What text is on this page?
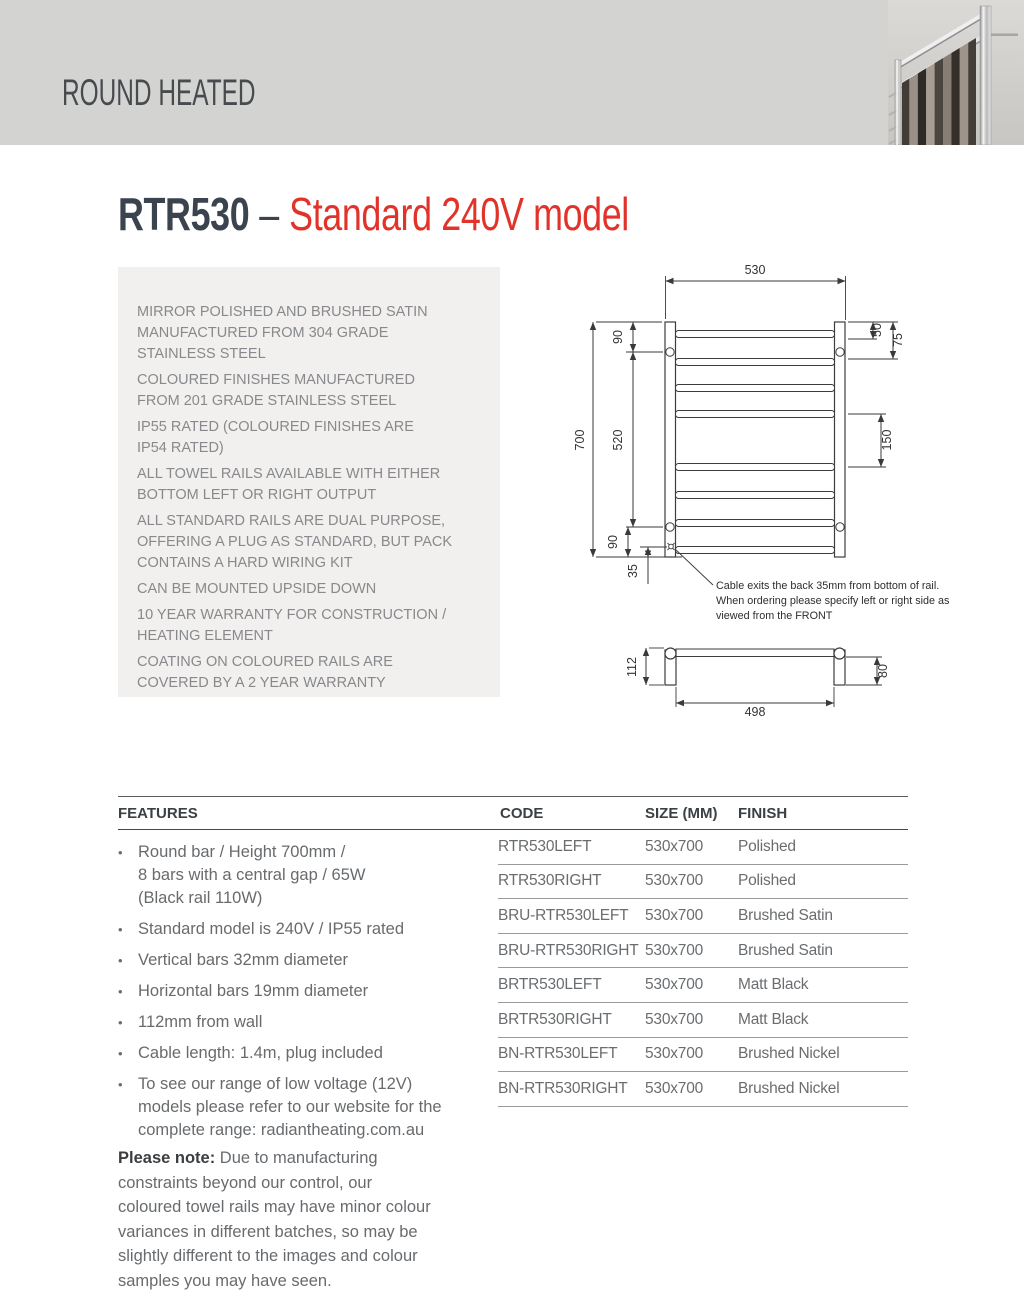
ROUND HEATED
RTR530 – Standard 240V model

MIRROR POLISHED AND BRUSHED SATIN
MANUFACTURED FROM 304 GRADE
STAINLESS STEEL

COLOURED FINISHES MANUFACTURED
FROM 201 GRADE STAINLESS STEEL

IP55 RATED (COLOURED FINISHES ARE
IP54 RATED)

ALL TOWEL RAILS AVAILABLE WITH EITHER
BOTTOM LEFT OR RIGHT OUTPUT

ALL STANDARD RAILS ARE DUAL PURPOSE,
OFFERING A PLUG AS STANDARD, BUT PACK
CONTAINS A HARD WIRING KIT

CAN BE MOUNTED UPSIDE DOWN

10 YEAR WARRANTY FOR CONSTRUCTION /
HEATING ELEMENT

COATING ON COLOURED RAILS ARE
COVERED BY A 2 YEAR WARRANTY

530
700
90
520
90
35
50
75
150
Cable exits the back 35mm from bottom of rail.
When ordering please specify left or right side as
viewed from the FRONT
112	80
498
FEATURES	CODE	SIZE (MM) FINISH
• Round bar / Height 700mm /
8 bars with a central gap / 65W
(Black rail 110W)
• Standard model is 240V / IP55 rated
• Vertical bars 32mm diameter
• Horizontal bars 19mm diameter
• 112mm from wall
• Cable length: 1.4m, plug included
• To see our range of low voltage (12V)
models please refer to our website for the
complete range: radiantheating.com.au
RTR530LEFT	530x700	Polished
RTR530RIGHT	530x700	Polished
BRU-RTR530LEFT	530x700	Brushed Satin
BRU-RTR530RIGHT 530x700	Brushed Satin
BRTR530LEFT	530x700	Matt Black
BRTR530RIGHT	530x700	Matt Black
BN-RTR530LEFT	530x700	Brushed Nickel
BN-RTR530RIGHT	530x700	Brushed Nickel
Please note: Due to manufacturing
constraints beyond our control, our
coloured towel rails may have minor colour
variances in different batches, so may be
slightly different to the images and colour
samples you may have seen.
